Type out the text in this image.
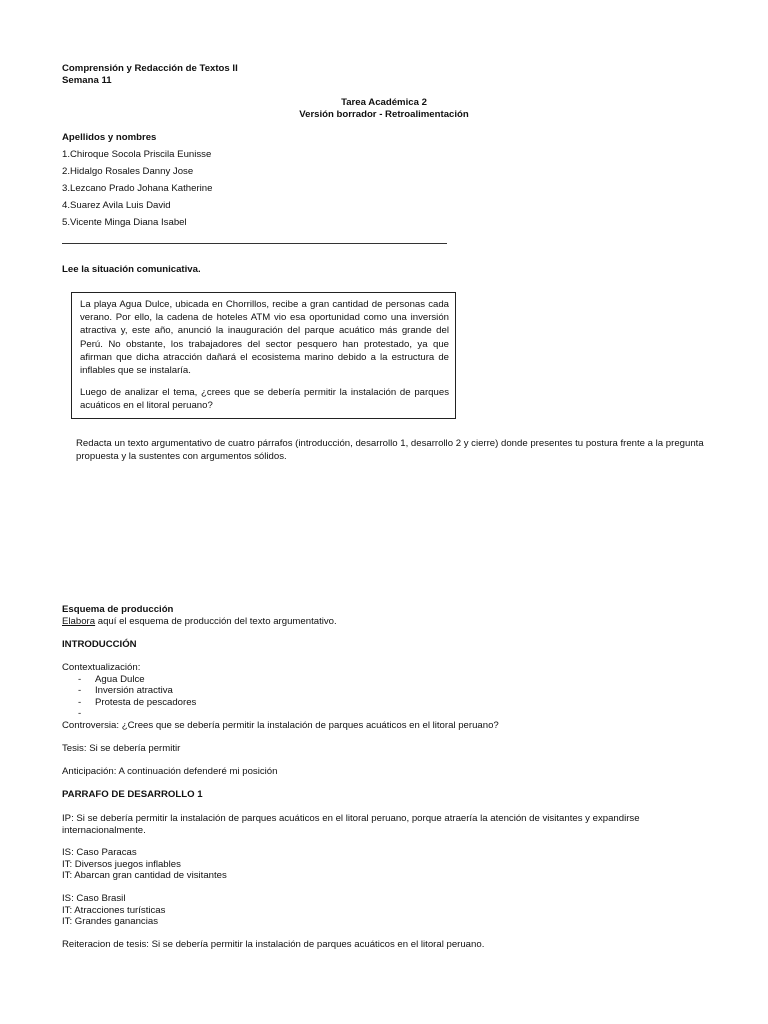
Comprensión y Redacción de Textos II
Semana 11
Tarea Académica 2
Versión borrador - Retroalimentación
Apellidos y nombres
1.Chiroque Socola Priscila Eunisse
2.Hidalgo Rosales Danny Jose
3.Lezcano Prado Johana Katherine
4.Suarez Avila Luis David
5.Vicente Minga Diana Isabel
Lee la situación comunicativa.

La playa Agua Dulce, ubicada en Chorrillos, recibe a gran cantidad de personas cada verano. Por ello, la cadena de hoteles ATM vio esa oportunidad como una inversión atractiva y, este año, anunció la inauguración del parque acuático más grande del Perú. No obstante, los trabajadores del sector pesquero han protestado, ya que afirman que dicha atracción dañará el ecosistema marino debido a la estructura de inflables que se instalaría.

Luego de analizar el tema, ¿crees que se debería permitir la instalación de parques acuáticos en el litoral peruano?

Redacta un texto argumentativo de cuatro párrafos (introducción, desarrollo 1, desarrollo 2 y cierre) donde presentes tu postura frente a la pregunta propuesta y la sustentes con argumentos sólidos.
Esquema de producción
Elabora aquí el esquema de producción del texto argumentativo.
INTRODUCCIÓN
Contextualización:
- Agua Dulce
- Inversión atractiva
- Protesta de pescadores
-
Controversia: ¿Crees que se debería permitir la instalación de parques acuáticos en el litoral peruano?
Tesis: Si se debería permitir
Anticipación: A continuación defenderé mi posición
PARRAFO DE DESARROLLO 1
IP: Si se debería permitir la instalación de parques acuáticos en el litoral peruano, porque atraería la atención de visitantes y expandirse internacionalmente.
IS: Caso Paracas
IT: Diversos juegos inflables
IT: Abarcan gran cantidad de visitantes
IS: Caso Brasil
IT: Atracciones turísticas
IT: Grandes ganancias
Reiteracion de tesis: Si se debería permitir la instalación de parques acuáticos en el litoral peruano.
